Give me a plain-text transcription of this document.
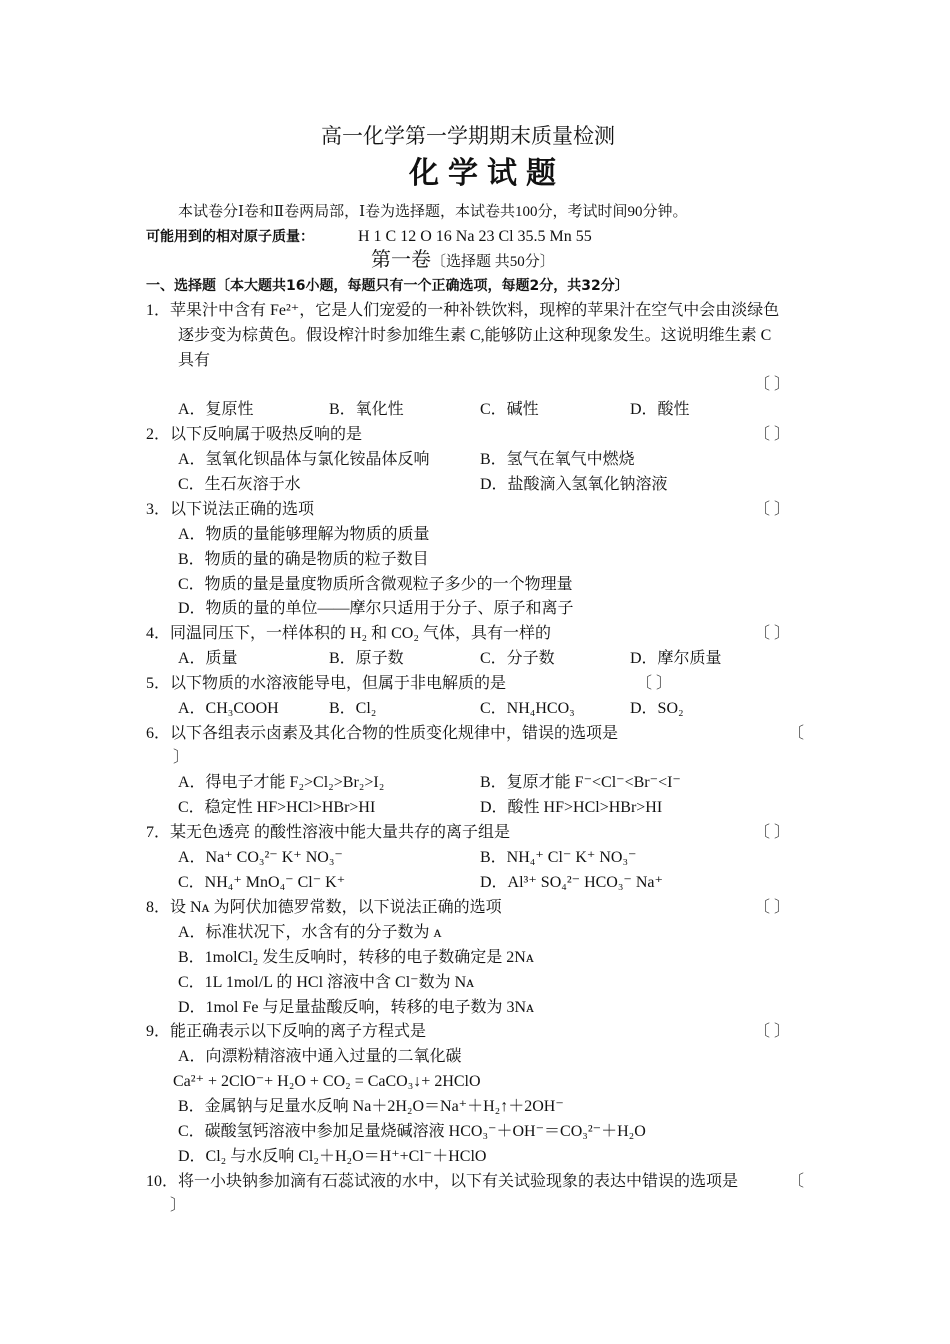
高一化学第一学期期末质量检测
化学试题
本试卷分Ⅰ卷和Ⅱ卷两局部，Ⅰ卷为选择题，本试卷共100分，考试时间90分钟。
可能用到的相对原子质量：	H 1 C 12 O 16 Na 23 Cl 35.5 Mn 55
第一卷〔选择题 共50分〕
一、选择题〔本大题共16小题，每题只有一个正确选项，每题2分，共32分〕
1．苹果汁中含有 Fe²⁺，它是人们宠爱的一种补铁饮料，现榨的苹果汁在空气中会由淡绿色
逐步变为棕黄色。假设榨汁时参加维生素 C,能够防止这种现象发生。这说明维生素 C
具有
〔 〕
A．复原性	B．氧化性	C．碱性	D．酸性
2．以下反响属于吸热反响的是	〔 〕
A．氢氧化钡晶体与氯化铵晶体反响	B．氢气在氧气中燃烧
C．生石灰溶于水	D．盐酸滴入氢氧化钠溶液
3．以下说法正确的选项	〔 〕
A．物质的量能够理解为物质的质量
B．物质的量的确是物质的粒子数目
C．物质的量是量度物质所含微观粒子多少的一个物理量
D．物质的量的单位——摩尔只适用于分子、原子和离子
4．同温同压下，一样体积的 H₂ 和 CO₂ 气体，具有一样的	〔 〕
A．质量	B．原子数	C．分子数	D．摩尔质量
5．以下物质的水溶液能导电，但属于非电解质的是	〔 〕
A．CH₃COOH	B．Cl₂	C．NH₄HCO₃	D．SO₂
6．以下各组表示卤素及其化合物的性质变化规律中，错误的选项是	〔
〕
A．得电子才能 F₂>Cl₂>Br₂>I₂	B．复原才能 F⁻<Cl⁻<Br⁻<I⁻
C．稳定性 HF>HCl>HBr>HI	D．酸性 HF>HCl>HBr>HI
7．某无色透亮 的酸性溶液中能大量共存的离子组是	〔 〕
A．Na⁺ CO₃²⁻ K⁺ NO₃⁻	B．NH₄⁺ Cl⁻ K⁺ NO₃⁻
C．NH₄⁺ MnO₄⁻ Cl⁻ K⁺	D．Al³⁺ SO₄²⁻ HCO₃⁻ Na⁺
8．设 Nᴀ 为阿伏加德罗常数，以下说法正确的选项	〔 〕
A．标准状况下，水含有的分子数为 ᴀ
B．1molCl₂ 发生反响时，转移的电子数确定是 2Nᴀ
C．1L 1mol/L 的 HCl 溶液中含 Cl⁻数为 Nᴀ
D．1mol Fe 与足量盐酸反响，转移的电子数为 3Nᴀ
9．能正确表示以下反响的离子方程式是	〔 〕
A．向漂粉精溶液中通入过量的二氧化碳
Ca²⁺ + 2ClO⁻+ H₂O + CO₂ = CaCO₃↓+ 2HClO
B．金属钠与足量水反响 Na＋2H₂O＝Na⁺＋H₂↑＋2OH⁻
C．碳酸氢钙溶液中参加足量烧碱溶液 HCO₃⁻＋OH⁻＝CO₃²⁻＋H₂O
D．Cl₂ 与水反响 Cl₂＋H₂O＝H⁺+Cl⁻＋HClO
10．将一小块钠参加滴有石蕊试液的水中，以下有关试验现象的表达中错误的选项是	〔
〕
